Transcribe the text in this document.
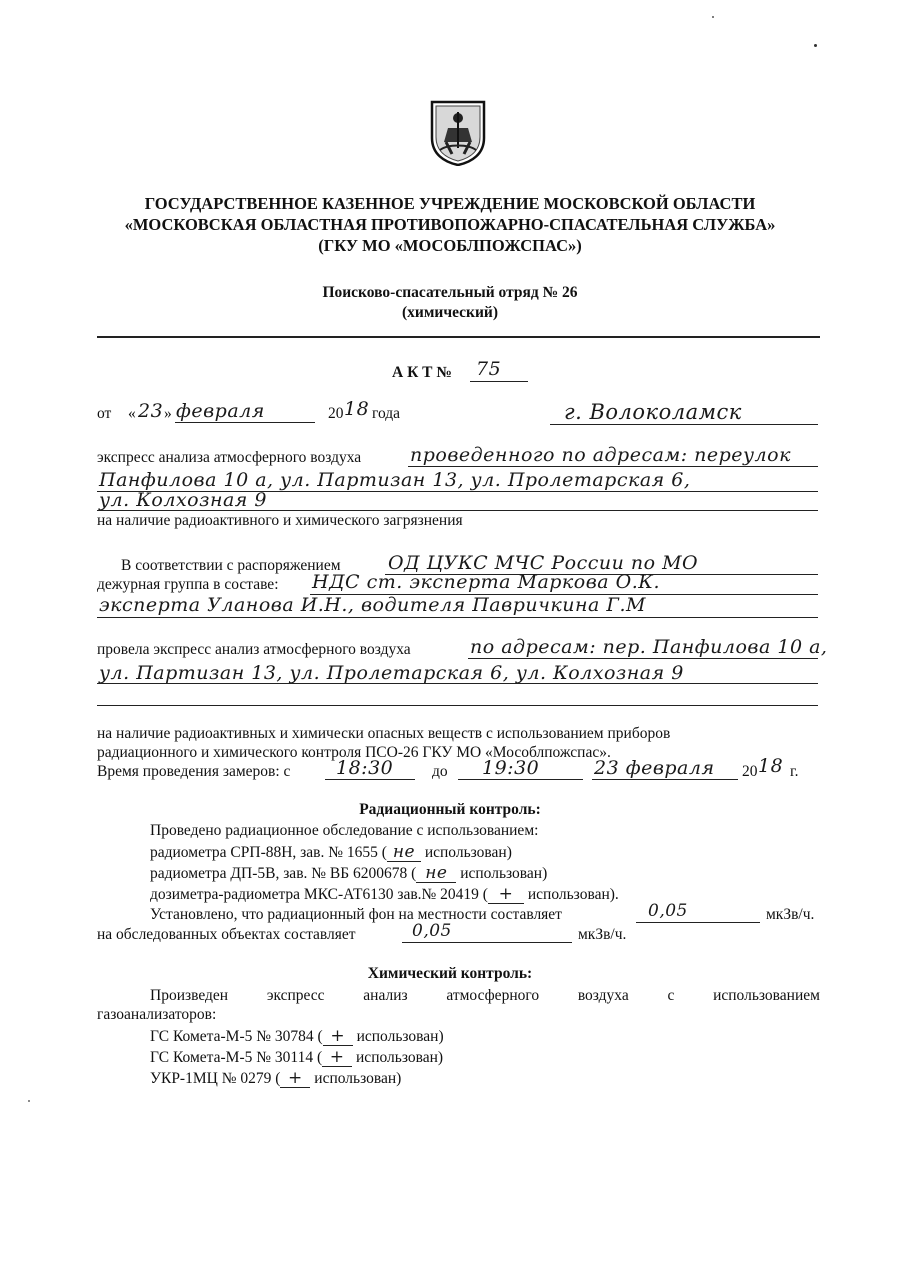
ГОСУДАРСТВЕННОЕ КАЗЕННОЕ УЧРЕЖДЕНИЕ МОСКОВСКОЙ ОБЛАСТИ
«МОСКОВСКАЯ ОБЛАСТНАЯ ПРОТИВОПОЖАРНО-СПАСАТЕЛЬНАЯ СЛУЖБА»
(ГКУ МО «МОСОБЛПОЖСПАС»)
Поисково-спасательный отряд № 26
(химический)
А К Т № 75
от « 23 » февраля	20 18 года	г. Волоколамск
экспресс анализа атмосферного воздуха	проведенного по адресам: переулок
Панфилова 10 а, ул. Партизан 13, ул. Пролетарская 6,
ул. Колхозная 9
на наличие радиоактивного и химического загрязнения
В соответствии с распоряжением ОД ЦУКС МЧС России по МО
дежурная группа в составе: НДС ст. эксперта Маркова О.К.
эксперта Уланова И.Н., водителя Павричкина Г.М
провела экспресс анализ атмосферного воздуха	по адресам: пер. Панфилова 10 а,
ул. Партизан 13, ул. Пролетарская 6, ул. Колхозная 9
на наличие радиоактивных и химически опасных веществ с использованием приборов
радиационного и химического контроля ПСО-26 ГКУ МО «Мособлпожспас».
Время проведения замеров: с 18:30 до 19:30	23 февраля 20 18 г.
Радиационный контроль:
Проведено радиационное обследование с использованием:
радиометра СРП-88Н, зав. № 1655 ( не использован)
радиометра ДП-5В, зав. № ВБ 6200678 ( не использован)
дозиметра-радиометра МКС-АТ6130 зав.№ 20419 ( + использован).
Установлено, что радиационный фон на местности составляет	0,05	мкЗв/ч.
на обследованных объектах составляет	0,05	мкЗв/ч.
Химический контроль:
Произведен экспресс анализ атмосферного воздуха с использованием
газоанализаторов:
ГС Комета-М-5 № 30784 ( + использован)
ГС Комета-М-5 № 30114 ( + использован)
УКР-1МЦ № 0279 ( + использован)
